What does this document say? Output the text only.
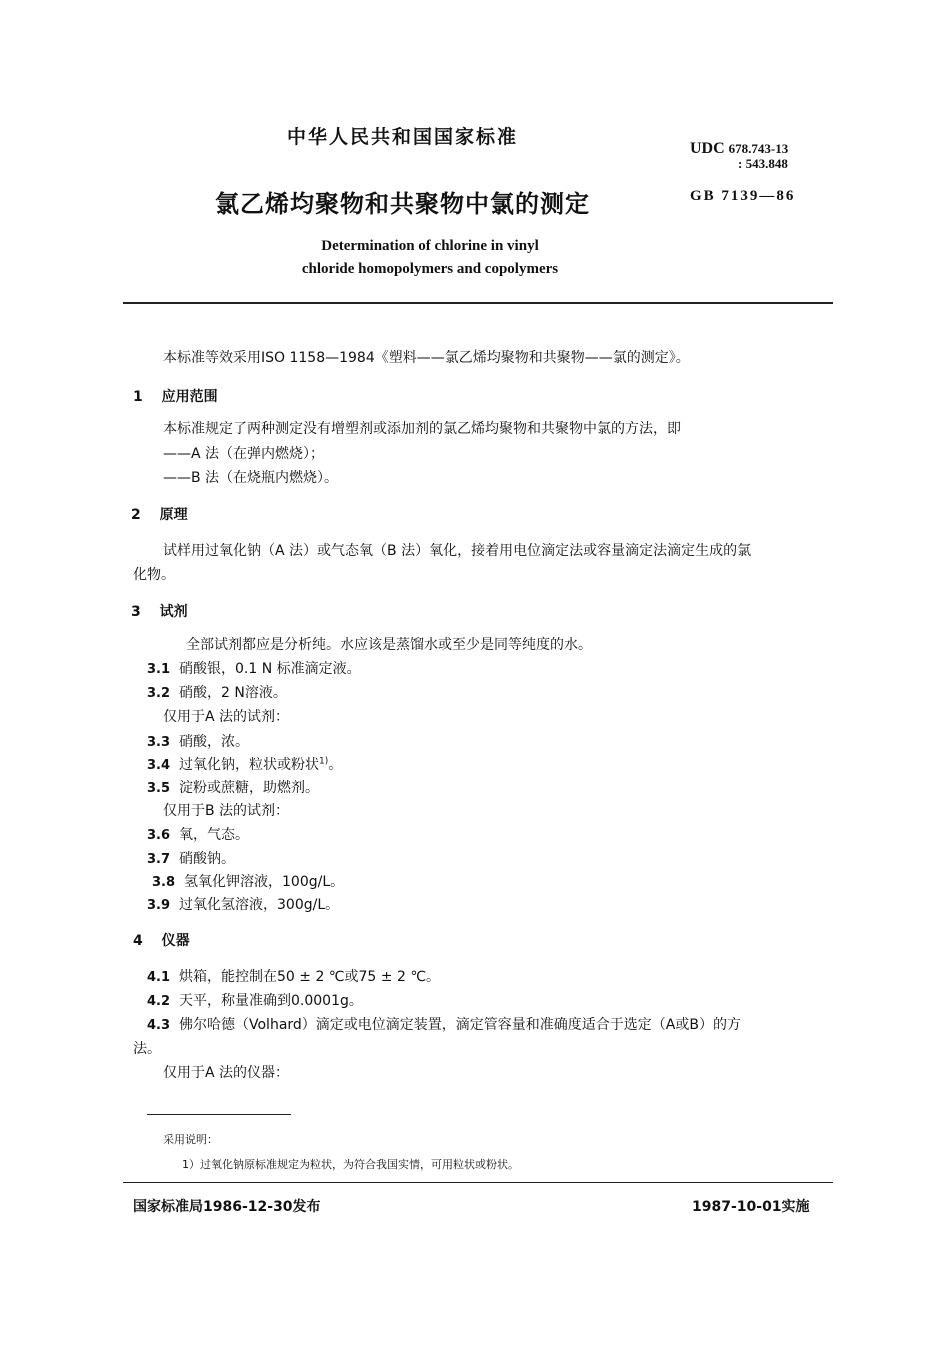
中华人民共和国国家标准
UDC 678.743-13
: 543.848
氯乙烯均聚物和共聚物中氯的测定	GB 7139—86
Determination of chlorine in vinyl
chloride homopolymers and copolymers
本标准等效采用ISO 1158—1984《塑料——氯乙烯均聚物和共聚物——氯的测定》。
1 应用范围
本标准规定了两种测定没有增塑剂或添加剂的氯乙烯均聚物和共聚物中氯的方法，即
——A 法（在弹内燃烧）；
——B 法（在烧瓶内燃烧）。
2 原理
试样用过氧化钠（A 法）或气态氧（B 法）氧化，接着用电位滴定法或容量滴定法滴定生成的氯
化物。
3 试剂
全部试剂都应是分析纯。水应该是蒸馏水或至少是同等纯度的水。
3.1 硝酸银，0.1 N 标准滴定液。
3.2 硝酸，2 N溶液。
仅用于A 法的试剂：
3.3 硝酸，浓。
3.4 过氧化钠，粒状或粉状$^{1)}$。
3.5 淀粉或蔗糖，助燃剂。
仅用于B 法的试剂：
3.6 氧，气态。
3.7 硝酸钠。
3.8 氢氧化钾溶液，100g/L。
3.9 过氧化氢溶液，300g/L。
4 仪器
4.1 烘箱，能控制在50 ± 2 ℃或75 ± 2 ℃。
4.2 天平，称量准确到0.0001g。
4.3 佛尔哈德（Volhard）滴定或电位滴定装置，滴定管容量和准确度适合于选定（A或B）的方
法。
仅用于A 法的仪器：
采用说明：
1）过氧化钠原标准规定为粒状，为符合我国实情，可用粒状或粉状。
国家标准局1986-12-30发布	1987-10-01实施
